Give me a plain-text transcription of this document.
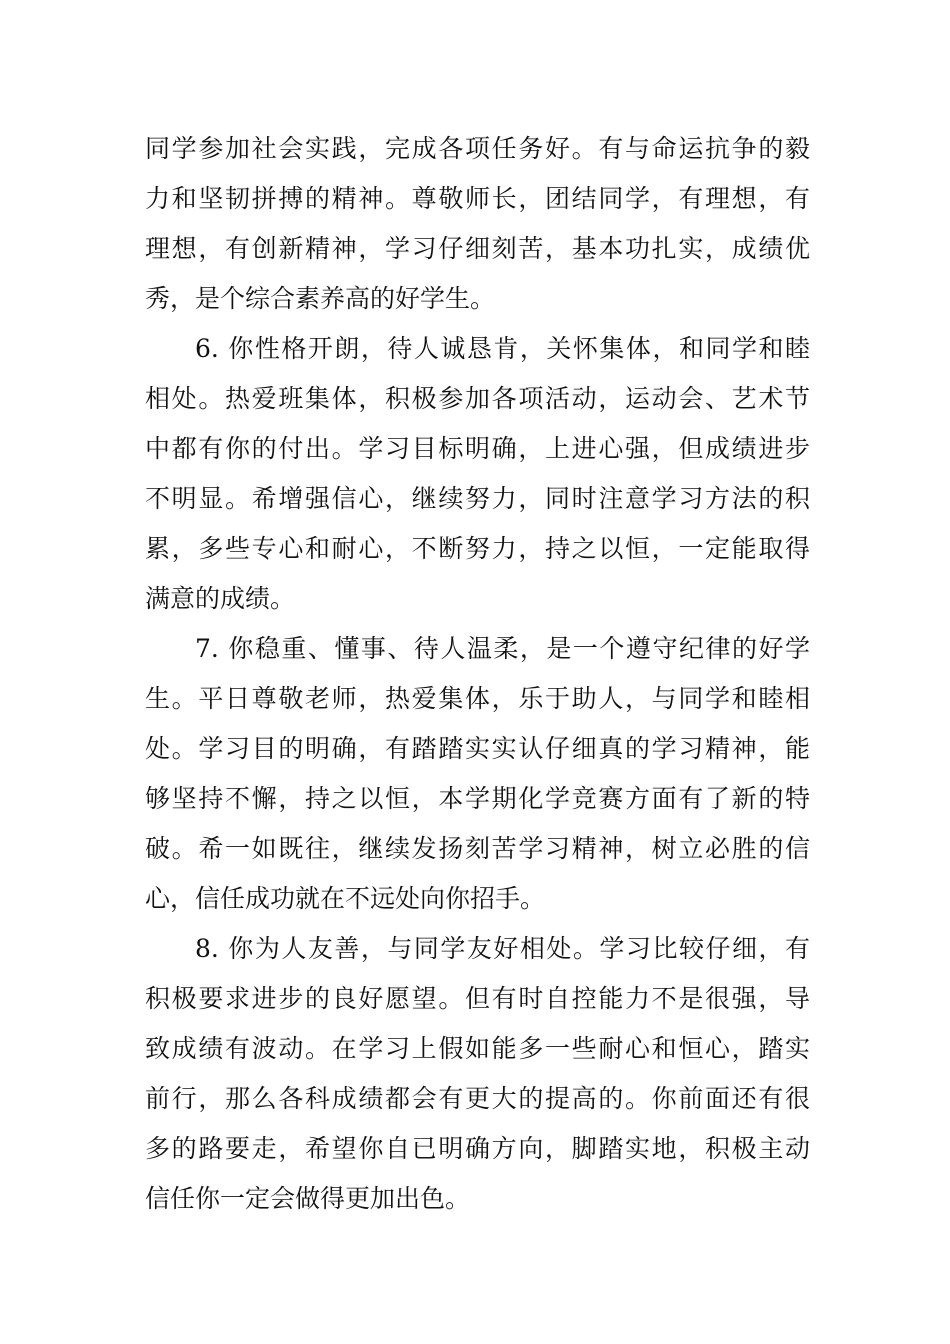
同学参加社会实践，完成各项任务好。有与命运抗争的毅
力和坚韧拼搏的精神。尊敬师长，团结同学，有理想，有
理想，有创新精神，学习仔细刻苦，基本功扎实，成绩优
秀，是个综合素养高的好学生。
6. 你性格开朗，待人诚恳肯，关怀集体，和同学和睦
相处。热爱班集体，积极参加各项活动，运动会、艺术节
中都有你的付出。学习目标明确，上进心强，但成绩进步
不明显。希增强信心，继续努力，同时注意学习方法的积
累，多些专心和耐心，不断努力，持之以恒，一定能取得
满意的成绩。
7. 你稳重、懂事、待人温柔，是一个遵守纪律的好学
生。平日尊敬老师，热爱集体，乐于助人，与同学和睦相
处。学习目的明确，有踏踏实实认仔细真的学习精神，能
够坚持不懈，持之以恒，本学期化学竞赛方面有了新的特
破。希一如既往，继续发扬刻苦学习精神，树立必胜的信
心，信任成功就在不远处向你招手。
8. 你为人友善，与同学友好相处。学习比较仔细，有
积极要求进步的良好愿望。但有时自控能力不是很强，导
致成绩有波动。在学习上假如能多一些耐心和恒心，踏实
前行，那么各科成绩都会有更大的提高的。你前面还有很
多的路要走，希望你自已明确方向，脚踏实地，积极主动
信任你一定会做得更加出色。
